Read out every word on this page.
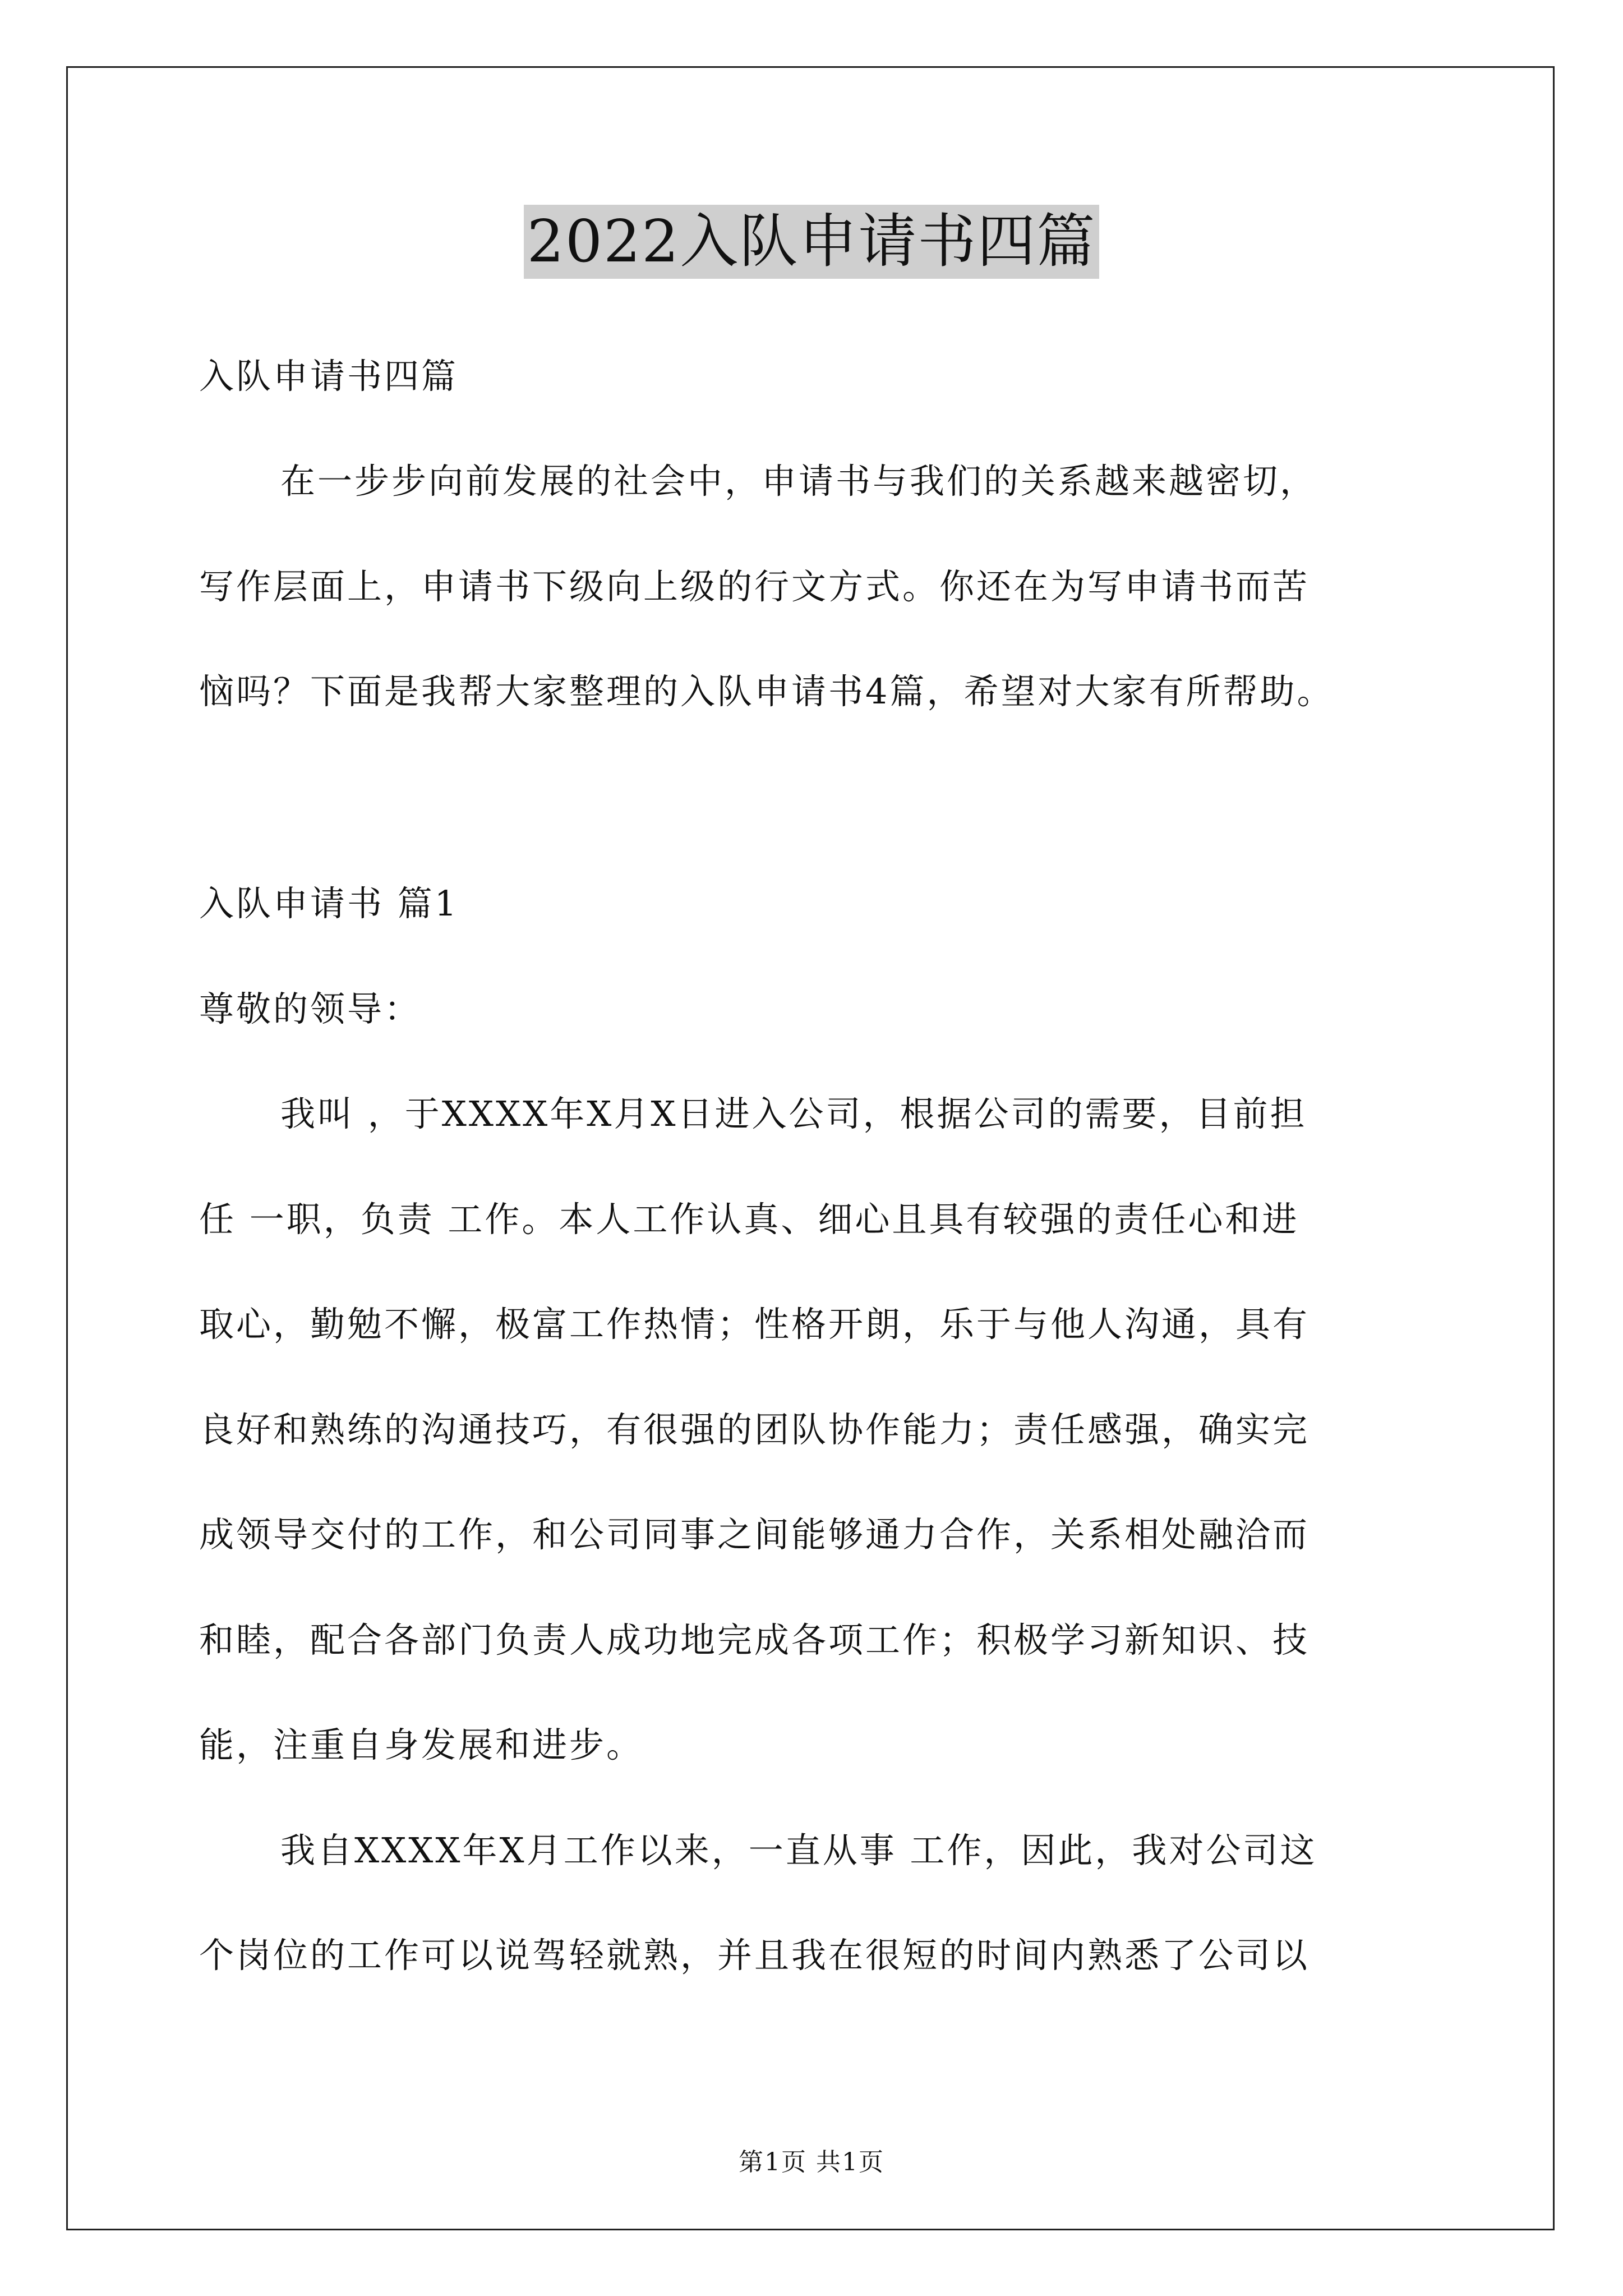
2022入队申请书四篇
入队申请书四篇
在一步步向前发展的社会中，申请书与我们的关系越来越密切，
写作层面上，申请书下级向上级的行文方式。你还在为写申请书而苦
恼吗？下面是我帮大家整理的入队申请书4篇，希望对大家有所帮助。
入队申请书 篇1
尊敬的领导：
我叫 ，于XXXX年X月X日进入公司，根据公司的需要，目前担
任 一职，负责 工作。本人工作认真、细心且具有较强的责任心和进
取心，勤勉不懈，极富工作热情；性格开朗，乐于与他人沟通，具有
良好和熟练的沟通技巧，有很强的团队协作能力；责任感强，确实完
成领导交付的工作，和公司同事之间能够通力合作，关系相处融洽而
和睦，配合各部门负责人成功地完成各项工作；积极学习新知识、技
能，注重自身发展和进步。
我自XXXX年X月工作以来，一直从事 工作，因此，我对公司这
个岗位的工作可以说驾轻就熟，并且我在很短的时间内熟悉了公司以
第1页 共1页
